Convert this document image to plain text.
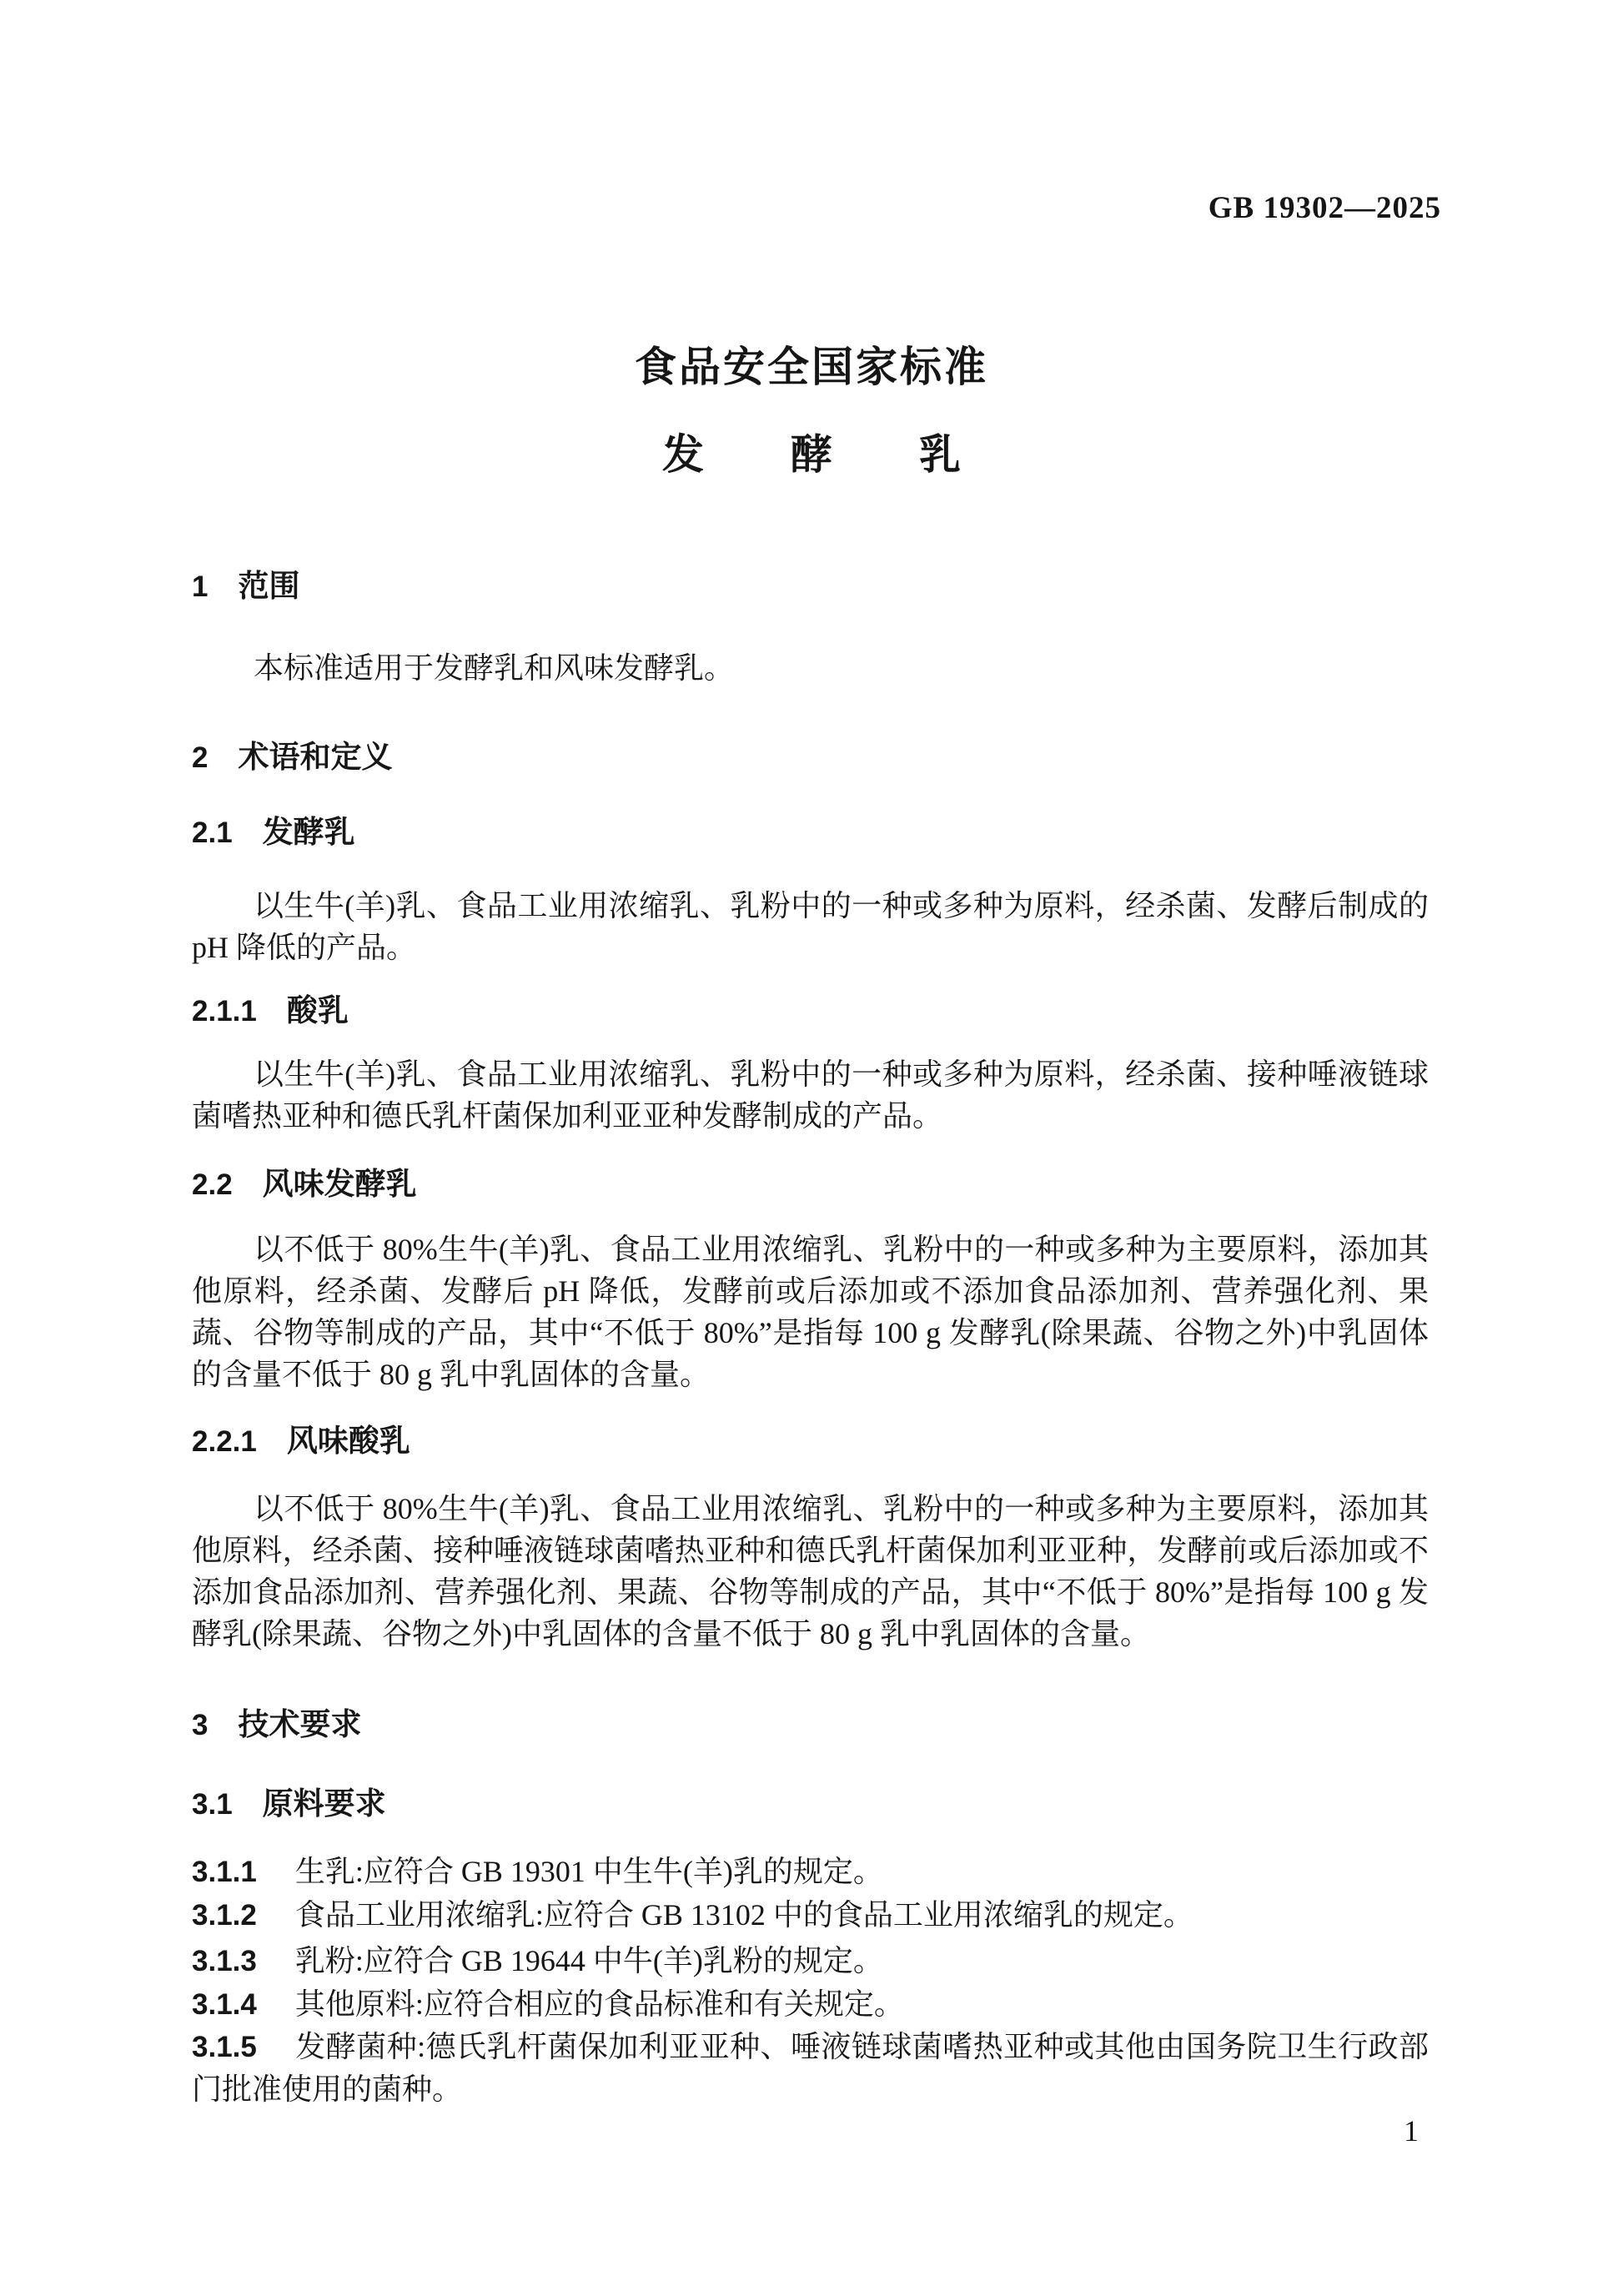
GB 19302—2025
食品安全国家标准
发酵乳
1 范围
本标准适用于发酵乳和风味发酵乳。
2 术语和定义
2.1 发酵乳
以生牛(羊)乳、食品工业用浓缩乳、乳粉中的一种或多种为原料，经杀菌、发酵后制成的 pH 降低的产品。
2.1.1 酸乳
以生牛(羊)乳、食品工业用浓缩乳、乳粉中的一种或多种为原料，经杀菌、接种唾液链球菌嗜热亚种和德氏乳杆菌保加利亚亚种发酵制成的产品。
2.2 风味发酵乳
以不低于 80%生牛(羊)乳、食品工业用浓缩乳、乳粉中的一种或多种为主要原料，添加其他原料，经杀菌、发酵后 pH 降低，发酵前或后添加或不添加食品添加剂、营养强化剂、果蔬、谷物等制成的产品，其中“不低于 80%”是指每 100 g 发酵乳(除果蔬、谷物之外)中乳固体的含量不低于 80 g 乳中乳固体的含量。
2.2.1 风味酸乳
以不低于 80%生牛(羊)乳、食品工业用浓缩乳、乳粉中的一种或多种为主要原料，添加其他原料，经杀菌、接种唾液链球菌嗜热亚种和德氏乳杆菌保加利亚亚种，发酵前或后添加或不添加食品添加剂、营养强化剂、果蔬、谷物等制成的产品，其中“不低于 80%”是指每 100 g 发酵乳(除果蔬、谷物之外)中乳固体的含量不低于 80 g 乳中乳固体的含量。
3 技术要求
3.1 原料要求
3.1.1 生乳:应符合 GB 19301 中生牛(羊)乳的规定。
3.1.2 食品工业用浓缩乳:应符合 GB 13102 中的食品工业用浓缩乳的规定。
3.1.3 乳粉:应符合 GB 19644 中牛(羊)乳粉的规定。
3.1.4 其他原料:应符合相应的食品标准和有关规定。
3.1.5 发酵菌种:德氏乳杆菌保加利亚亚种、唾液链球菌嗜热亚种或其他由国务院卫生行政部门批准使用的菌种。
1
